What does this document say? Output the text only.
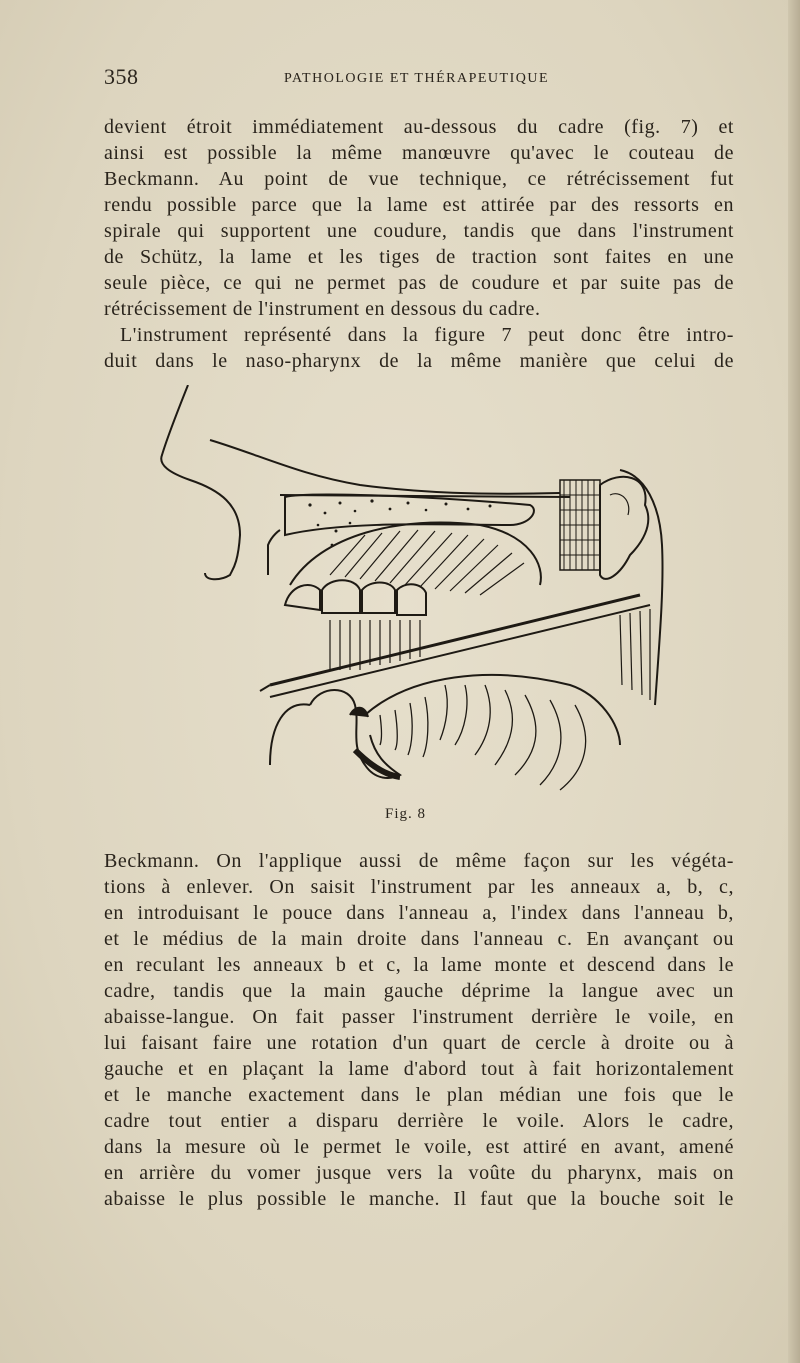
358	PATHOLOGIE ET THÉRAPEUTIQUE

devient étroit immédiatement au-dessous du cadre (fig. 7) et
ainsi est possible la même manœuvre qu'avec le couteau de
Beckmann. Au point de vue technique, ce rétrécissement fut
rendu possible parce que la lame est attirée par des ressorts en
spirale qui supportent une coudure, tandis que dans l'instrument
de Schütz, la lame et les tiges de traction sont faites en une
seule pièce, ce qui ne permet pas de coudure et par suite pas de
rétrécissement de l'instrument en dessous du cadre.

L'instrument représenté dans la figure 7 peut donc être intro-
duit dans le naso-pharynx de la même manière que celui de

Fig. 8

Beckmann. On l'applique aussi de même façon sur les végéta-
tions à enlever. On saisit l'instrument par les anneaux a, b, c,
en introduisant le pouce dans l'anneau a, l'index dans l'anneau b,
et le médius de la main droite dans l'anneau c. En avançant ou
en reculant les anneaux b et c, la lame monte et descend dans le
cadre, tandis que la main gauche déprime la langue avec un
abaisse-langue. On fait passer l'instrument derrière le voile, en
lui faisant faire une rotation d'un quart de cercle à droite ou à
gauche et en plaçant la lame d'abord tout à fait horizontalement
et le manche exactement dans le plan médian une fois que le
cadre tout entier a disparu derrière le voile. Alors le cadre,
dans la mesure où le permet le voile, est attiré en avant, amené
en arrière du vomer jusque vers la voûte du pharynx, mais on
abaisse le plus possible le manche. Il faut que la bouche soit le
